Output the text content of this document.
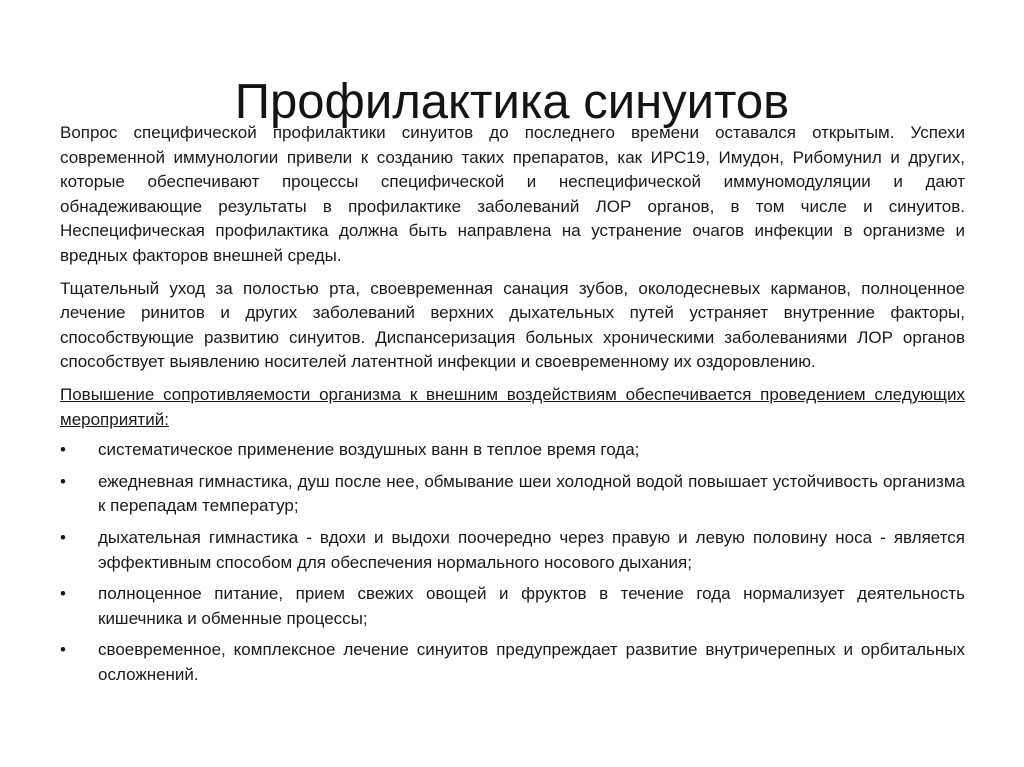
Профилактика синуитов

Вопрос специфической профилактики синуитов до последнего времени оставался открытым. Успехи современной иммунологии привели к созданию таких препаратов, как ИРС19, Имудон, Рибомунил и других, которые обеспечивают процессы специфической и неспецифической иммуномодуляции и дают обнадеживающие результаты в профилактике заболеваний ЛОР органов, в том числе и синуитов. Неспецифическая профилактика должна быть направлена на устранение очагов инфекции в организме и вредных факторов внешней среды.

Тщательный уход за полостью рта, своевременная санация зубов, околодесневых карманов, полноценное лечение ринитов и других заболеваний верхних дыхательных путей устраняет внутренние факторы, способствующие развитию синуитов. Диспансеризация больных хроническими заболеваниями ЛОР органов способствует выявлению носителей латентной инфекции и своевременному их оздоровлению.

Повышение сопротивляемости организма к внешним воздействиям обеспечивается проведением следующих мероприятий:

•	систематическое применение воздушных ванн в теплое время года;
•	ежедневная гимнастика, душ после нее, обмывание шеи холодной водой повышает устойчивость организма к перепадам температур;
•	дыхательная гимнастика - вдохи и выдохи поочередно через правую и левую половину носа - является эффективным способом для обеспечения нормального носового дыхания;
•	полноценное питание, прием свежих овощей и фруктов в течение года нормализует деятельность кишечника и обменные процессы;
•	своевременное, комплексное лечение синуитов предупреждает развитие внутричерепных и орбитальных осложнений.
